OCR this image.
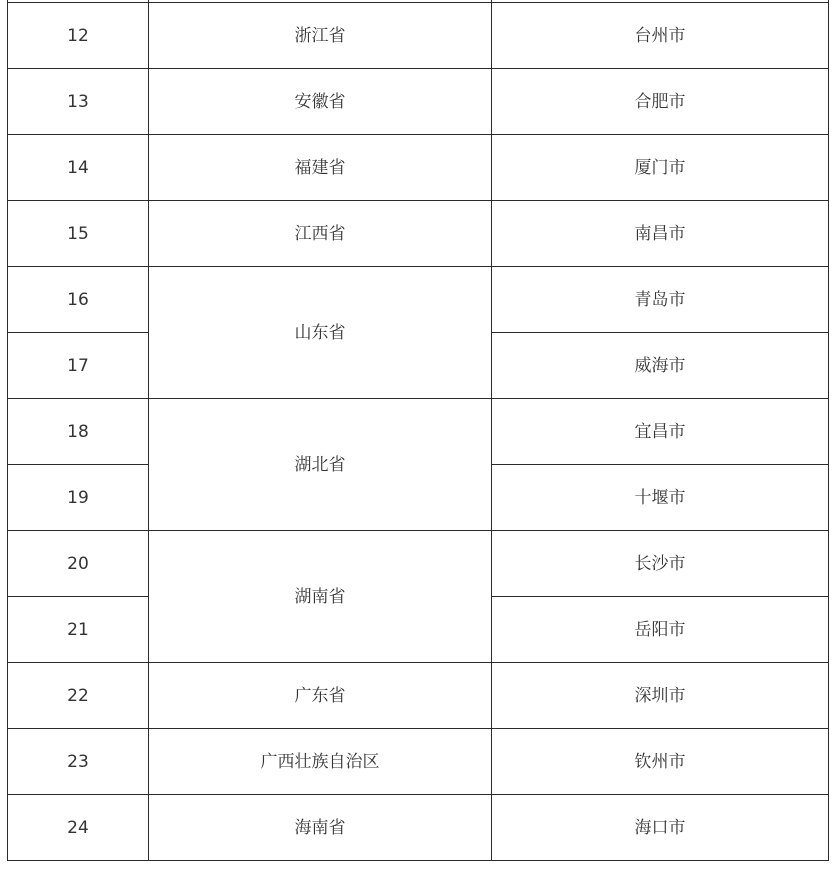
12	浙江省	台州市
13	安徽省	合肥市
14	福建省	厦门市
15	江西省	南昌市
16	山东省	青岛市
17		威海市
18	湖北省	宜昌市
19		十堰市
20	湖南省	长沙市
21		岳阳市
22	广东省	深圳市
23	广西壮族自治区	钦州市
24	海南省	海口市
